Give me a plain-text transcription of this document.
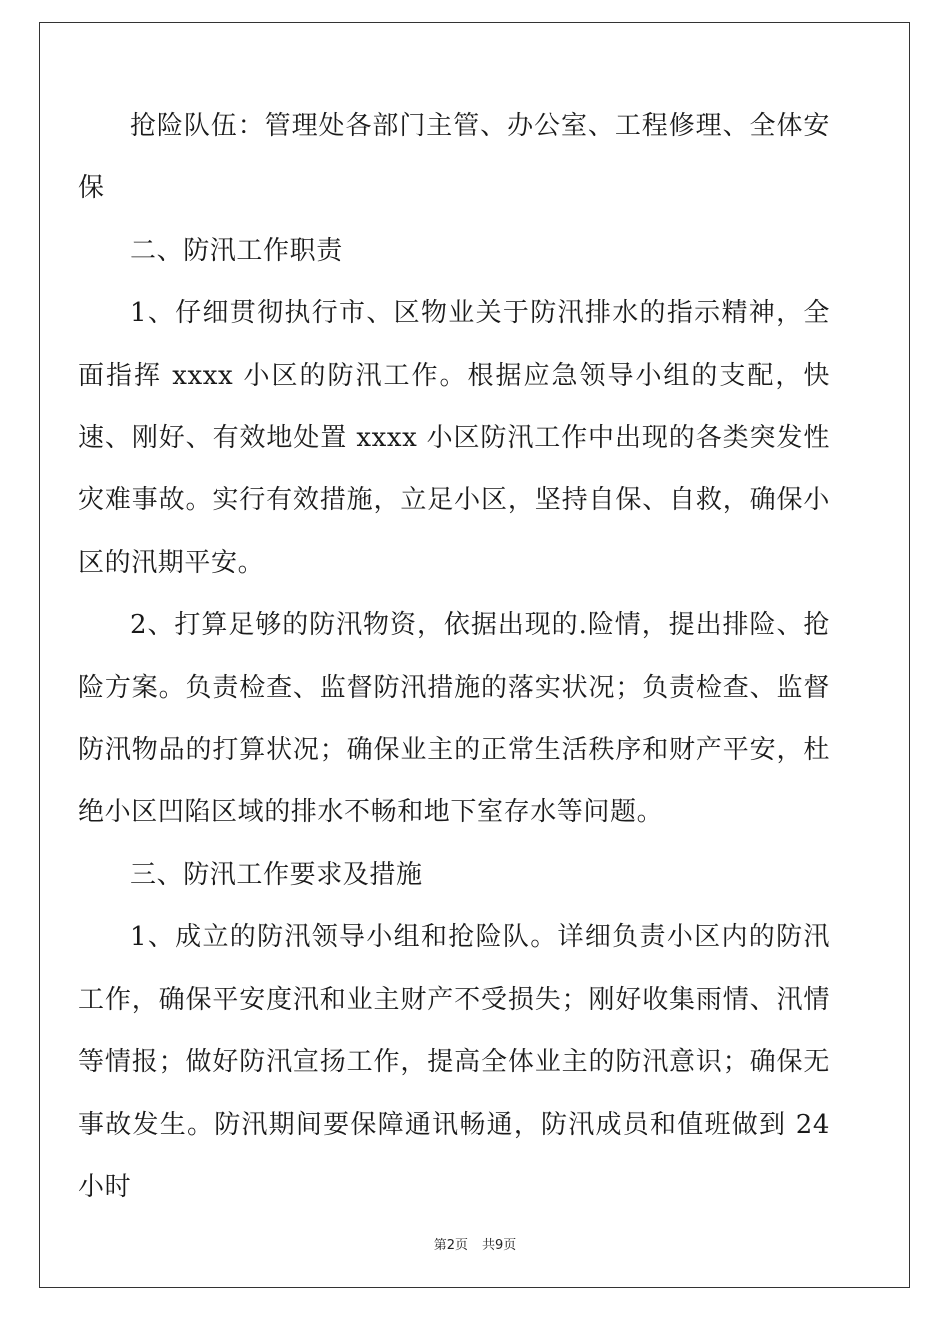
抢险队伍：管理处各部门主管、办公室、工程修理、全体安保

二、防汛工作职责

1、仔细贯彻执行市、区物业关于防汛排水的指示精神，全面指挥 xxxx 小区的防汛工作。根据应急领导小组的支配，快速、刚好、有效地处置 xxxx 小区防汛工作中出现的各类突发性灾难事故。实行有效措施，立足小区，坚持自保、自救，确保小区的汛期平安。

2、打算足够的防汛物资，依据出现的.险情，提出排险、抢险方案。负责检查、监督防汛措施的落实状况；负责检查、监督防汛物品的打算状况；确保业主的正常生活秩序和财产平安，杜绝小区凹陷区域的排水不畅和地下室存水等问题。

三、防汛工作要求及措施

1、成立的防汛领导小组和抢险队。详细负责小区内的防汛工作，确保平安度汛和业主财产不受损失；刚好收集雨情、汛情等情报；做好防汛宣扬工作，提高全体业主的防汛意识；确保无事故发生。防汛期间要保障通讯畅通，防汛成员和值班做到 24 小时

第2页 共9页
